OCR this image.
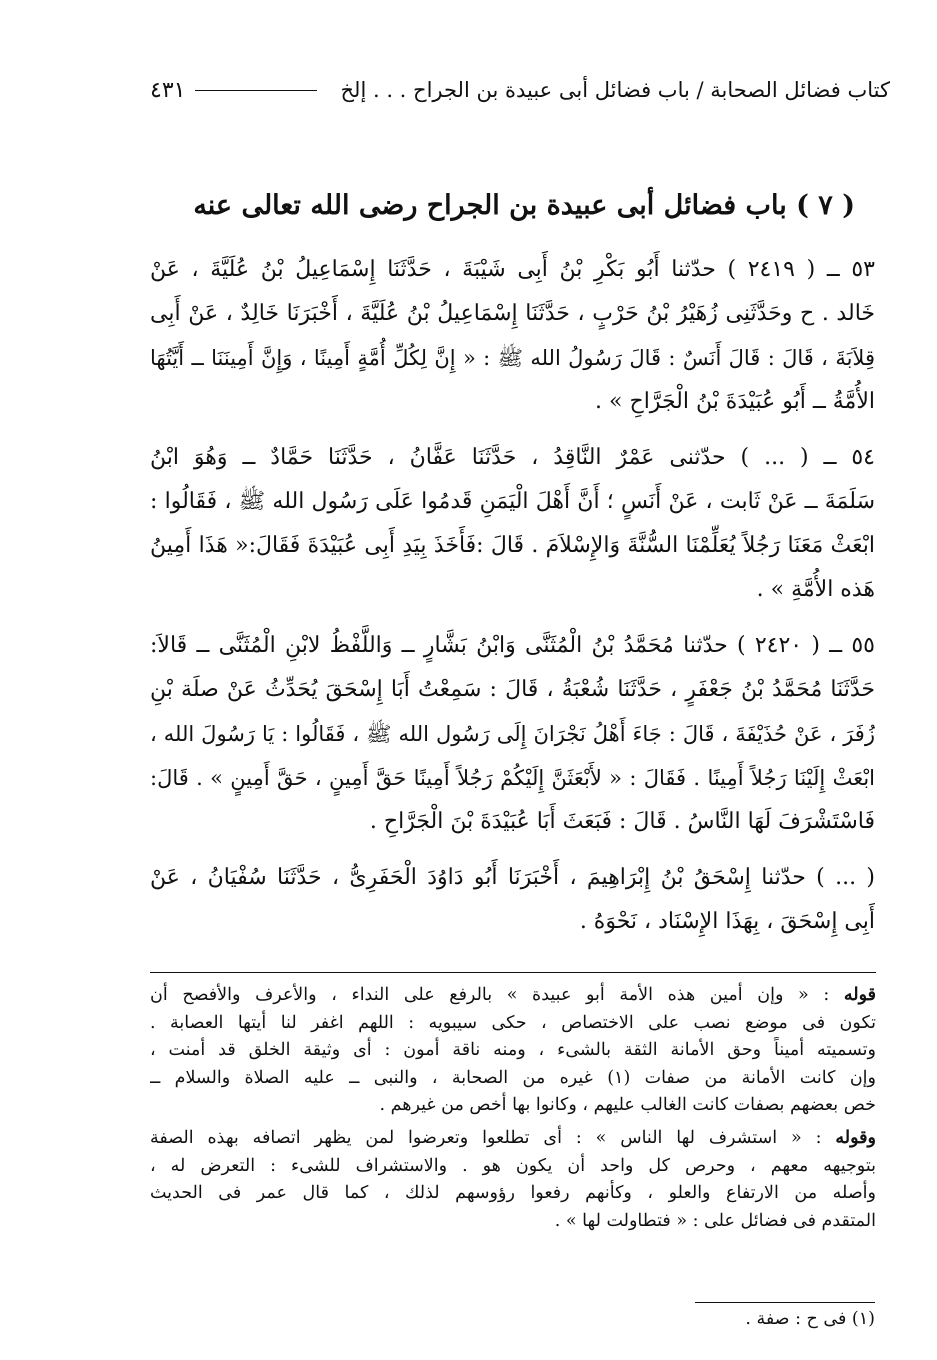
كتاب فضائل الصحابة / باب فضائل أبى عبيدة بن الجراح . . . إلخ
٤٣١
( ٧ ) باب فضائل أبى عبيدة بن الجراح رضى الله تعالى عنه
٥٣ ــ ( ٢٤١٩ ) حدّثنا أَبُو بَكْرِ بْنُ أَبِى شَيْبَةَ ، حَدَّثَنَا إِسْمَاعِيلُ بْنُ عُلَيَّةَ ، عَنْ
خَالد . ح وحَدَّثَنِى زُهَيْرُ بْنُ حَرْبٍ ، حَدَّثَنَا إِسْمَاعِيلُ بْنُ عُلَيَّةَ ، أَخْبَرَنَا خَالِدٌ ، عَنْ أَبِى
قِلاَبَةَ ، قَالَ : قَالَ أَنَسٌ : قَالَ رَسُولُ الله ﷺ : « إِنَّ لِكُلِّ أُمَّةٍ أَمِينًا ، وَإِنَّ أَمِينَنَا ــ أَيَّتُهَا
الأُمَّةُ ــ أَبُو عُبَيْدَةَ بْنُ الْجَرَّاحِ » .
٥٤ ــ ( ... ) حدّثنى عَمْرٌ النَّاقِدُ ، حَدَّثَنَا عَفَّانُ ، حَدَّثَنَا حَمَّادٌ ــ وَهُوَ ابْنُ
سَلَمَةَ ــ عَنْ ثَابت ، عَنْ أَنَسٍ ؛ أَنَّ أَهْلَ الْيَمَنِ قَدمُوا عَلَى رَسُول الله ﷺ ، فَقَالُوا :
ابْعَثْ مَعَنَا رَجُلاً يُعَلِّمْنَا السُّنَّةَ وَالإِسْلاَمَ . قَالَ :فَأَخَذَ بِيَدِ أَبِى عُبَيْدَةَ فَقَالَ:« هَذَا أَمِينُ
هَذه الأُمَّةِ » .
٥٥ ــ ( ٢٤٢٠ ) حدّثنا مُحَمَّدُ بْنُ الْمُثَنَّى وَابْنُ بَشَّارٍ ــ وَاللَّفْظُ لابْنِ الْمُثَنَّى ــ قَالاَ:
حَدَّثَنَا مُحَمَّدُ بْنُ جَعْفَرٍ ، حَدَّثَنَا شُعْبَةُ ، قَالَ : سَمِعْتُ أَبَا إِسْحَقَ يُحَدِّثُ عَنْ صلَة بْنِ
زُفَرَ ، عَنْ حُذَيْفَةَ ، قَالَ : جَاءَ أَهْلُ نَجْرَانَ إِلَى رَسُول الله ﷺ ، فَقَالُوا : يَا رَسُولَ الله ،
ابْعَثْ إِلَيْنَا رَجُلاً أَمِينًا . فَقَالَ : « لأَبْعَثَنَّ إِلَيْكُمْ رَجُلاً أَمِينًا حَقَّ أَمِينٍ ، حَقَّ أَمِينٍ » . قَالَ:
فَاسْتَشْرَفَ لَهَا النَّاسُ . قَالَ : فَبَعَثَ أَبَا عُبَيْدَةَ بْنَ الْجَرَّاحِ .
( ... ) حدّثنا إِسْحَقُ بْنُ إِبْرَاهِيمَ ، أَخْبَرَنَا أَبُو دَاوُدَ الْحَفَرِىُّ ، حَدَّثَنَا سُفْيَانُ ، عَنْ
أَبِى إِسْحَقَ ، بِهَذَا الإِسْنَاد ، نَحْوَهُ .
قوله : « وإن أمين هذه الأمة أبو عبيدة » بالرفع على النداء ، والأعرف والأفصح أن
تكون فى موضع نصب على الاختصاص ، حكى سيبويه : اللهم اغفر لنا أيتها العصابة .
وتسميته أميناً وحق الأمانة الثقة بالشىء ، ومنه ناقة أمون : أى وثيقة الخلق قد أمنت ،
وإن كانت الأمانة من صفات (١) غيره من الصحابة ، والنبى ــ عليه الصلاة والسلام ــ
خص بعضهم بصفات كانت الغالب عليهم ، وكانوا بها أخص من غيرهم .
وقوله : « استشرف لها الناس » : أى تطلعوا وتعرضوا لمن يظهر اتصافه بهذه الصفة
بتوجيهه معهم ، وحرص كل واحد أن يكون هو . والاستشراف للشىء : التعرض له ،
وأصله من الارتفاع والعلو ، وكأنهم رفعوا رؤوسهم لذلك ، كما قال عمر فى الحديث
المتقدم فى فضائل على : « فتطاولت لها » .
(١) فى ح : صفة .
